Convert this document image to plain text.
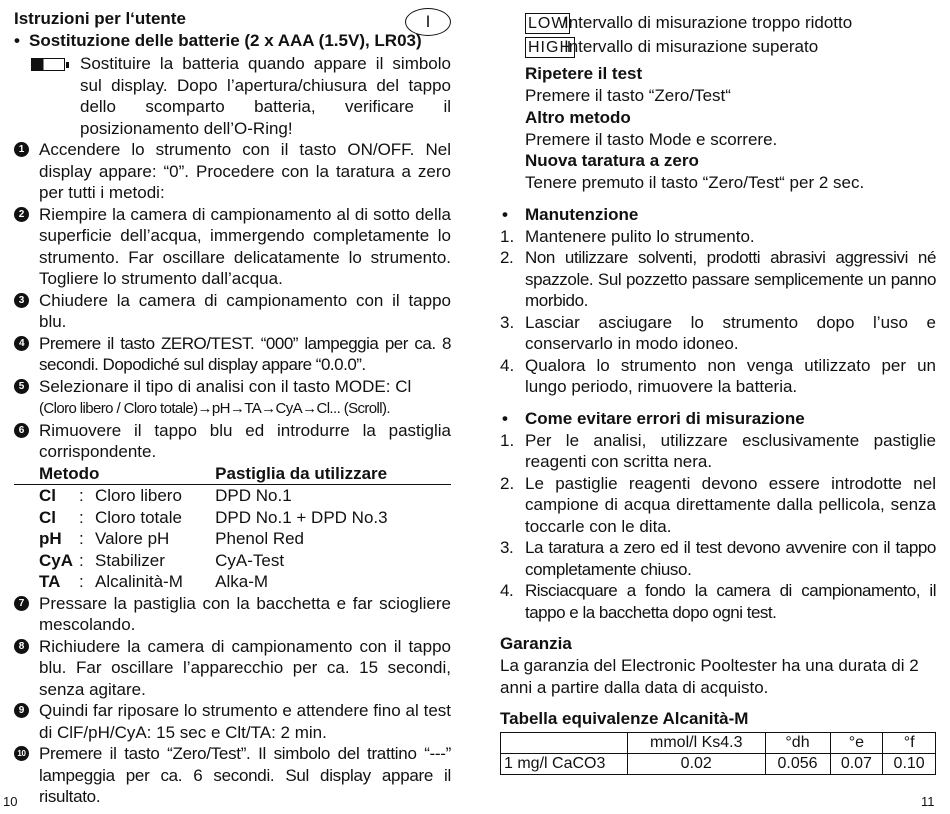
Istruzioni per l‘utente	I
• Sostituzione delle batterie (2 x AAA (1.5V), LR03)
Sostituire la batteria quando appare il simbolo sul display. Dopo l’apertura/chiusura del tappo dello scomparto batteria, verificare il posizionamento dell’O-Ring!
1 Accendere lo strumento con il tasto ON/OFF. Nel display appare: “0”. Procedere con la taratura a zero per tutti i metodi:
2 Riempire la camera di campionamento al di sotto della superficie dell’acqua, immergendo completamente lo strumento. Far oscillare delicatamente lo strumento. Togliere lo strumento dall’acqua.
3 Chiudere la camera di campionamento con il tappo blu.
4 Premere il tasto ZERO/TEST. “000” lampeggia per ca. 8 secondi. Dopodiché sul display appare “0.0.0”.
5 Selezionare il tipo di analisi con il tasto MODE: Cl
(Cloro libero / Cloro totale)→pH→TA→CyA→Cl... (Scroll).
6 Rimuovere il tappo blu ed introdurre la pastiglia corrispondente.
Metodo			Pastiglia da utilizzare
Cl	:	Cloro libero	DPD No.1
Cl	:	Cloro totale	DPD No.1 + DPD No.3
pH	:	Valore pH	Phenol Red
CyA	:	Stabilizer	CyA-Test
TA	:	Alcalinità-M	Alka-M
7 Pressare la pastiglia con la bacchetta e far sciogliere mescolando.
8 Richiudere la camera di campionamento con il tappo blu. Far oscillare l’apparecchio per ca. 15 secondi, senza agitare.
9 Quindi far riposare lo strumento e attendere fino al test di ClF/pH/CyA: 15 sec e Clt/TA: 2 min.
10 Premere il tasto “Zero/Test”. Il simbolo del trattino “---” lampeggia per ca. 6 secondi. Sul display appare il risultato.
10
LOW
Intervallo di misurazione troppo ridotto
HIGH
Intervallo di misurazione superato
Ripetere il test
Premere il tasto “Zero/Test“
Altro metodo
Premere il tasto Mode e scorrere.
Nuova taratura a zero
Tenere premuto il tasto “Zero/Test“ per 2 sec.
• Manutenzione
1. Mantenere pulito lo strumento.
2. Non utilizzare solventi, prodotti abrasivi aggressivi né spazzole. Sul pozzetto passare semplicemente un panno morbido.
3. Lasciar asciugare lo strumento dopo l’uso e conservarlo in modo idoneo.
4. Qualora lo strumento non venga utilizzato per un lungo periodo, rimuovere la batteria.
• Come evitare errori di misurazione
1. Per le analisi, utilizzare esclusivamente pastiglie reagenti con scritta nera.
2. Le pastiglie reagenti devono essere introdotte nel campione di acqua direttamente dalla pellicola, senza toccarle con le dita.
3. La taratura a zero ed il test devono avvenire con il tappo completamente chiuso.
4. Risciacquare a fondo la camera di campionamento, il tappo e la bacchetta dopo ogni test.
Garanzia
La garanzia del Electronic Pooltester ha una durata di 2 anni a partire dalla data di acquisto.
Tabella equivalenze Alcanità-M
	mmol/l Ks4.3	°dh	°e	°f
1 mg/l CaCO3	0.02	0.056	0.07	0.10
11
